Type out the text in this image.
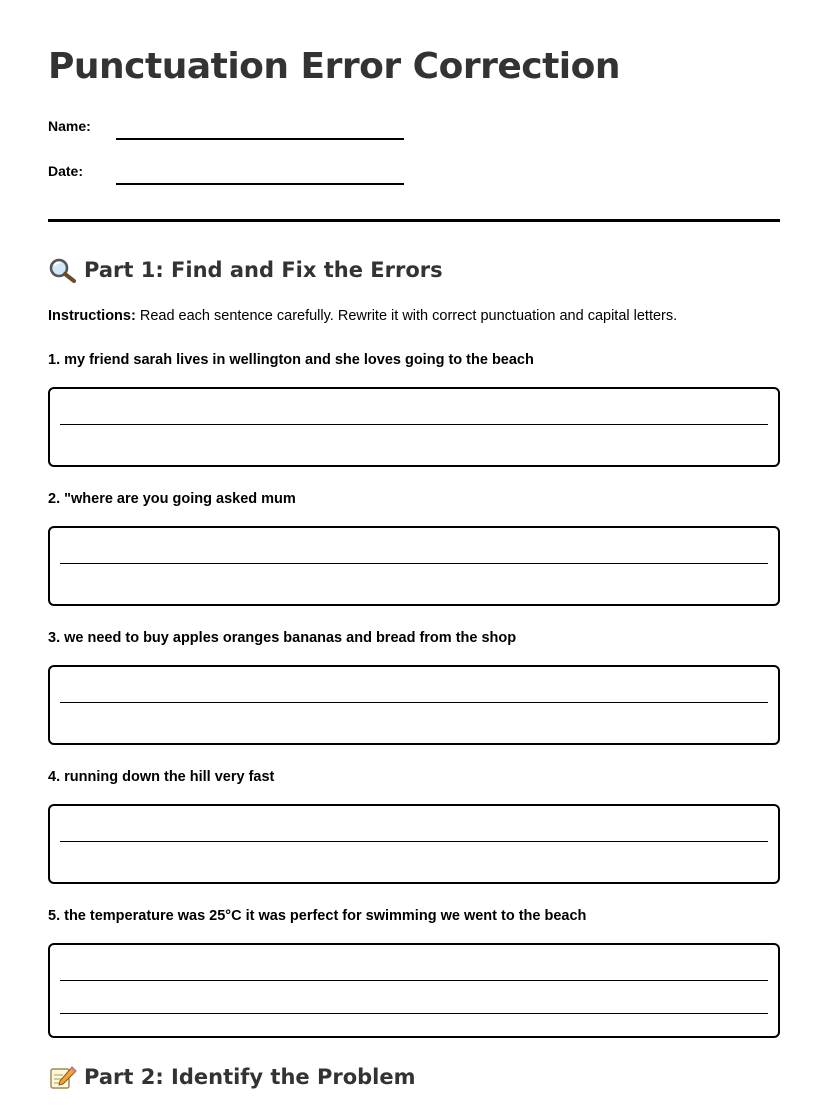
Punctuation Error Correction
Name:
Date:
Part 1: Find and Fix the Errors
Instructions: Read each sentence carefully. Rewrite it with correct punctuation and capital letters.
1. my friend sarah lives in wellington and she loves going to the beach
2. "where are you going asked mum
3. we need to buy apples oranges bananas and bread from the shop
4. running down the hill very fast
5. the temperature was 25°C it was perfect for swimming we went to the beach
Part 2: Identify the Problem
